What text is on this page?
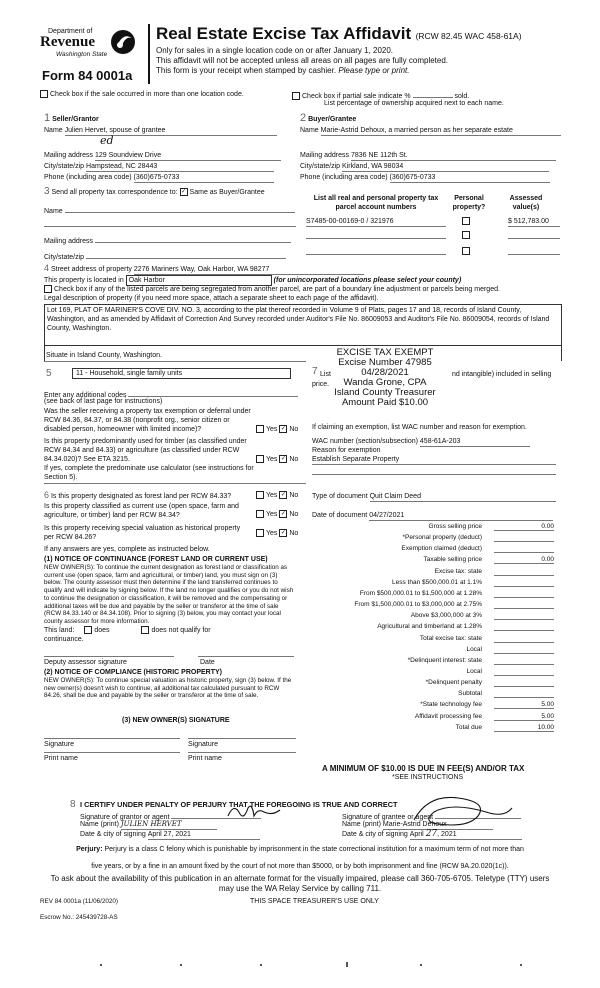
Department of
Revenue
Washington State
Form 84 0001a
Real Estate Excise Tax Affidavit (RCW 82.45 WAC 458-61A)
Only for sales in a single location code on or after January 1, 2020.
This affidavit will not be accepted unless all areas on all pages are fully completed.
This form is your receipt when stamped by cashier. Please type or print.
Check box if the sale occurred in more than one location code.	Check box if partial sale indicate %	sold.
List percentage of ownership acquired next to each name.
1 Seller/Grantor
Name Julien Hervet, spouse of grantee
ed
Mailing address 129 Soundview Drive
City/state/zip Hampstead, NC 28443
Phone (including area code) (360)675-0733
2 Buyer/Grantee
Name Marie-Astrid Dehoux, a married person as her separate estate
Mailing address 7836 NE 112th St.
City/state/zip Kirkland, WA 98034
Phone (including area code) (360)675-0733
3 Send all property tax correspondence to: ✓ Same as Buyer/Grantee
Name
Mailing address
City/state/zip
List all real and personal property tax parcel account numbers
Personal property?
Assessed value(s)
S7485-00-00169-0 / 321976	$ 512,783.00
4 Street address of property 2276 Mariners Way, Oak Harbor, WA 98277
This property is located in Oak Harbor	(for unincorporated locations please select your county)
Check box if any of the listed parcels are being segregated from another parcel, are part of a boundary line adjustment or parcels being merged.
Legal description of property (if you need more space, attach a separate sheet to each page of the affidavit).
Lot 169, PLAT OF MARINER'S COVE DIV. NO. 3, according to the plat thereof recorded in Volume 9 of Plats, pages 17 and 18, records of Island County, Washington, and as amended by Affidavit of Correction And Survey recorded under Auditor's File No. 86009053 and Auditor's File No. 86009054, records of Island County, Washington.
Situate in Island County, Washington.	EXCISE TAX EXEMPT
Excise Number 47985
04/28/2021
Wanda Grone, CPA
Island County Treasurer
Amount Paid $10.00
7 List
price.
nd intangible) included in selling
5	11 - Household, single family units
Enter any additional codes
(see back of last page for instructions)
Was the seller receiving a property tax exemption or deferral under RCW 84.36, 84.37, or 84.38 (nonprofit org., senior citizen or disabled person, homeowner with limited income)?	Yes ✓ No
Is this property predominantly used for timber (as classified under RCW 84.34 and 84.33) or agriculture (as classified under RCW 84.34.020)? See ETA 3215.	Yes ✓ No
If yes, complete the predominate use calculator (see instructions for Section 5).
If claiming an exemption, list WAC number and reason for exemption.
WAC number (section/subsection) 458-61A-203
Reason for exemption
Establish Separate Property
6 Is this property designated as forest land per RCW 84.33?	Yes ✓ No
Is this property classified as current use (open space, farm and agriculture, or timber) land per RCW 84.34?	Yes ✓ No
Is this property receiving special valuation as historical property per RCW 84.26?
Yes ✓ No
If any answers are yes, complete as instructed below.
(1) NOTICE OF CONTINUANCE (FOREST LAND OR CURRENT USE)
NEW OWNER(S): To continue the current designation as forest land or classification as current use (open space, farm and agricultural, or timber) land, you must sign on (3) below. The county assessor must then determine if the land transferred continues to qualify and will indicate by signing below. If the land no longer qualifies or you do not wish to continue the designation or classification, it will be removed and the compensating or additional taxes will be due and payable by the seller or transferor at the time of sale (RCW 84.33.140 or 84.34.108). Prior to signing (3) below, you may contact your local county assessor for more information.
This land:	does	does not qualify for
continuance.
Deputy assessor signature	Date
(2) NOTICE OF COMPLIANCE (HISTORIC PROPERTY)
NEW OWNER(S): To continue special valuation as historic property, sign (3) below. If the new owner(s) doesn't wish to continue, all additional tax calculated pursuant to RCW 84.26, shall be due and payable by the seller or transferor at the time of sale.
(3) NEW OWNER(S) SIGNATURE
Signature	Signature
Print name	Print name
Type of document Quit Claim Deed
Date of document 04/27/2021
Gross selling price	0.00
*Personal property (deduct)
Exemption claimed (deduct)
Taxable selling price	0.00
Excise tax: state
Less than $500,000.01 at 1.1%
From $500,000.01 to $1,500,000 at 1.28%
From $1,500,000.01 to $3,000,000 at 2.75%
Above $3,000,000 at 3%
Agricultural and timberland at 1.28%
Total excise tax: state
Local
*Delinquent interest: state
Local
*Delinquent penalty
Subtotal
*State technology fee	5.00
Affidavit processing fee	5.00
Total due	10.00
A MINIMUM OF $10.00 IS DUE IN FEE(S) AND/OR TAX
*SEE INSTRUCTIONS
8 I CERTIFY UNDER PENALTY OF PERJURY THAT THE FOREGOING IS TRUE AND CORRECT
Signature of grantor or agent
Name (print) JULIEN HERVET
Date & city of signing April 27, 2021
Signature of grantee or agent
Name (print) Marie-Astrid Dehoux
Date & city of signing April 27, 2021
Perjury: Perjury is a class C felony which is punishable by imprisonment in the state correctional institution for a maximum term of not more than
five years, or by a fine in an amount fixed by the court of not more than $5000, or by both imprisonment and fine (RCW 9A.20.020(1c)).
To ask about the availability of this publication in an alternate format for the visually impaired, please call 360-705-6705. Teletype (TTY) users may use the WA Relay Service by calling 711.
REV 84 0001a (11/06/2020)	THIS SPACE TREASURER'S USE ONLY
Escrow No.: 245439728-AS
